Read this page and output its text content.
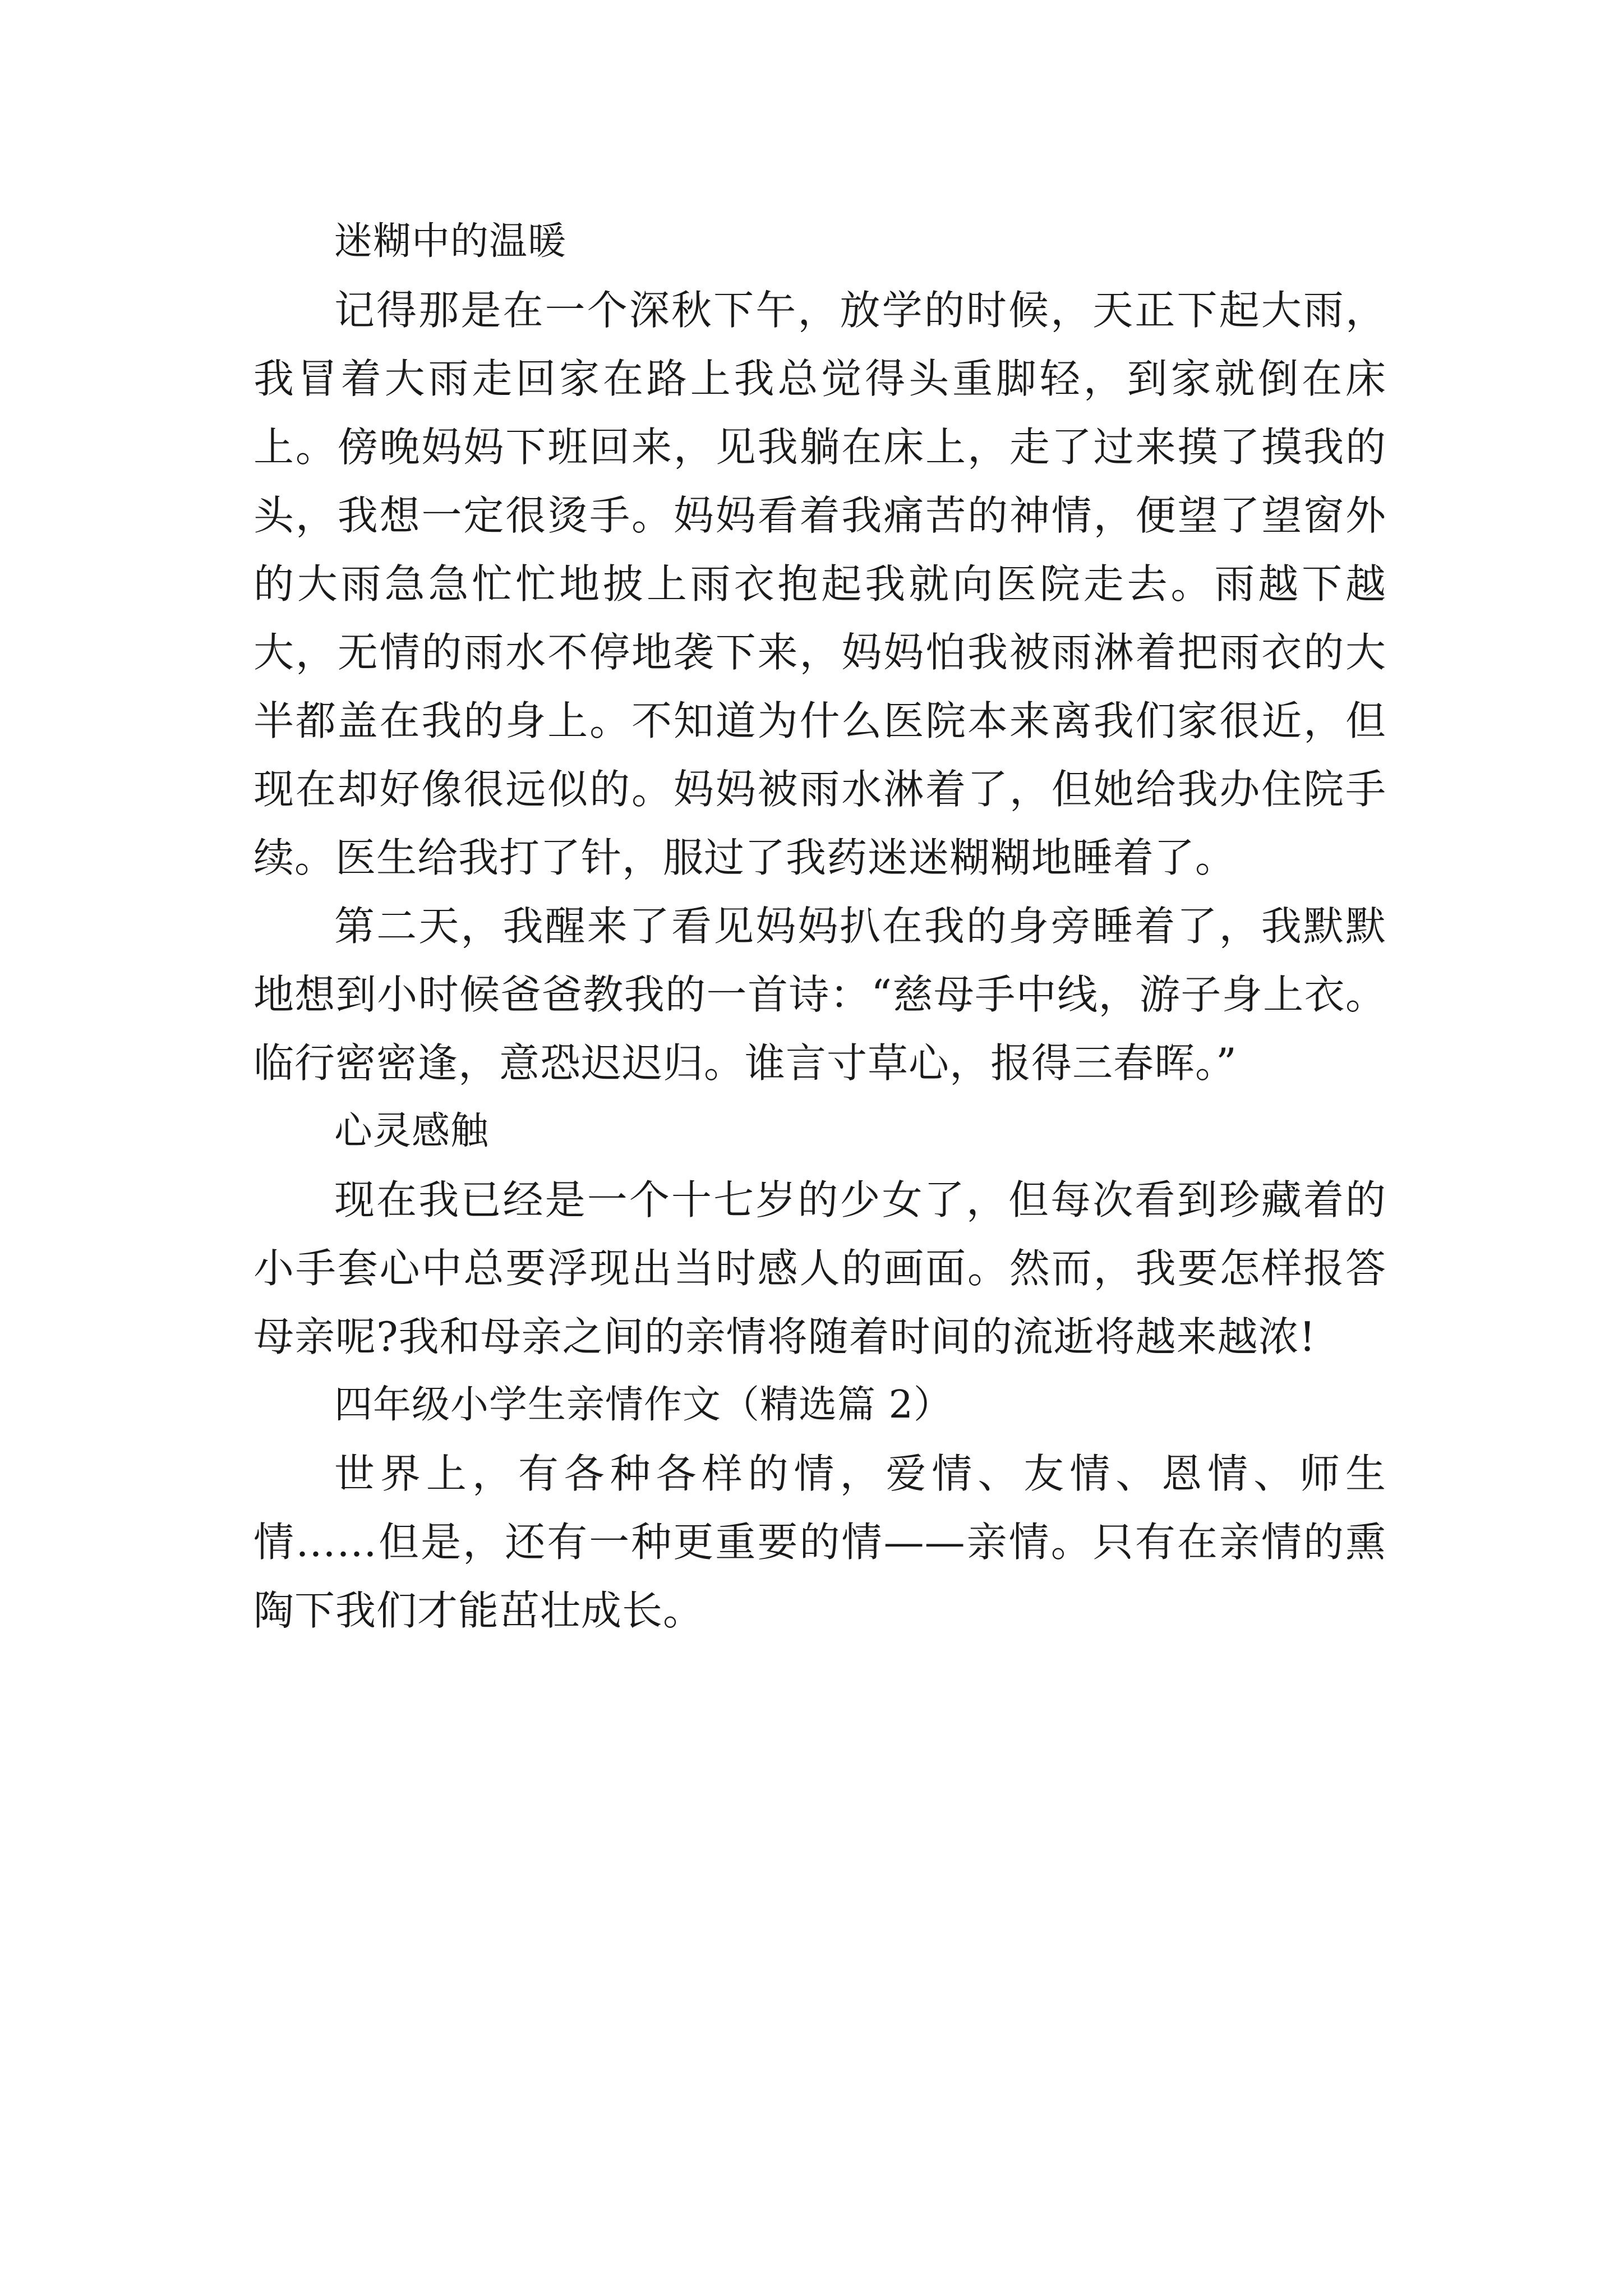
迷糊中的温暖

记得那是在一个深秋下午，放学的时候，天正下起大雨，我冒着大雨走回家在路上我总觉得头重脚轻，到家就倒在床上。傍晚妈妈下班回来，见我躺在床上，走了过来摸了摸我的头，我想一定很烫手。妈妈看着我痛苦的神情，便望了望窗外的大雨急急忙忙地披上雨衣抱起我就向医院走去。雨越下越大，无情的雨水不停地袭下来，妈妈怕我被雨淋着把雨衣的大半都盖在我的身上。不知道为什么医院本来离我们家很近，但现在却好像很远似的。妈妈被雨水淋着了，但她给我办住院手续。医生给我打了针，服过了我药迷迷糊糊地睡着了。

第二天，我醒来了看见妈妈扒在我的身旁睡着了，我默默地想到小时候爸爸教我的一首诗：“慈母手中线，游子身上衣。临行密密逢，意恐迟迟归。谁言寸草心，报得三春晖。”

心灵感触

现在我已经是一个十七岁的少女了，但每次看到珍藏着的小手套心中总要浮现出当时感人的画面。然而，我要怎样报答母亲呢?我和母亲之间的亲情将随着时间的流逝将越来越浓!

四年级小学生亲情作文（精选篇 2）

世界上，有各种各样的情，爱情、友情、恩情、师生情……但是，还有一种更重要的情——亲情。只有在亲情的熏陶下我们才能茁壮成长。
